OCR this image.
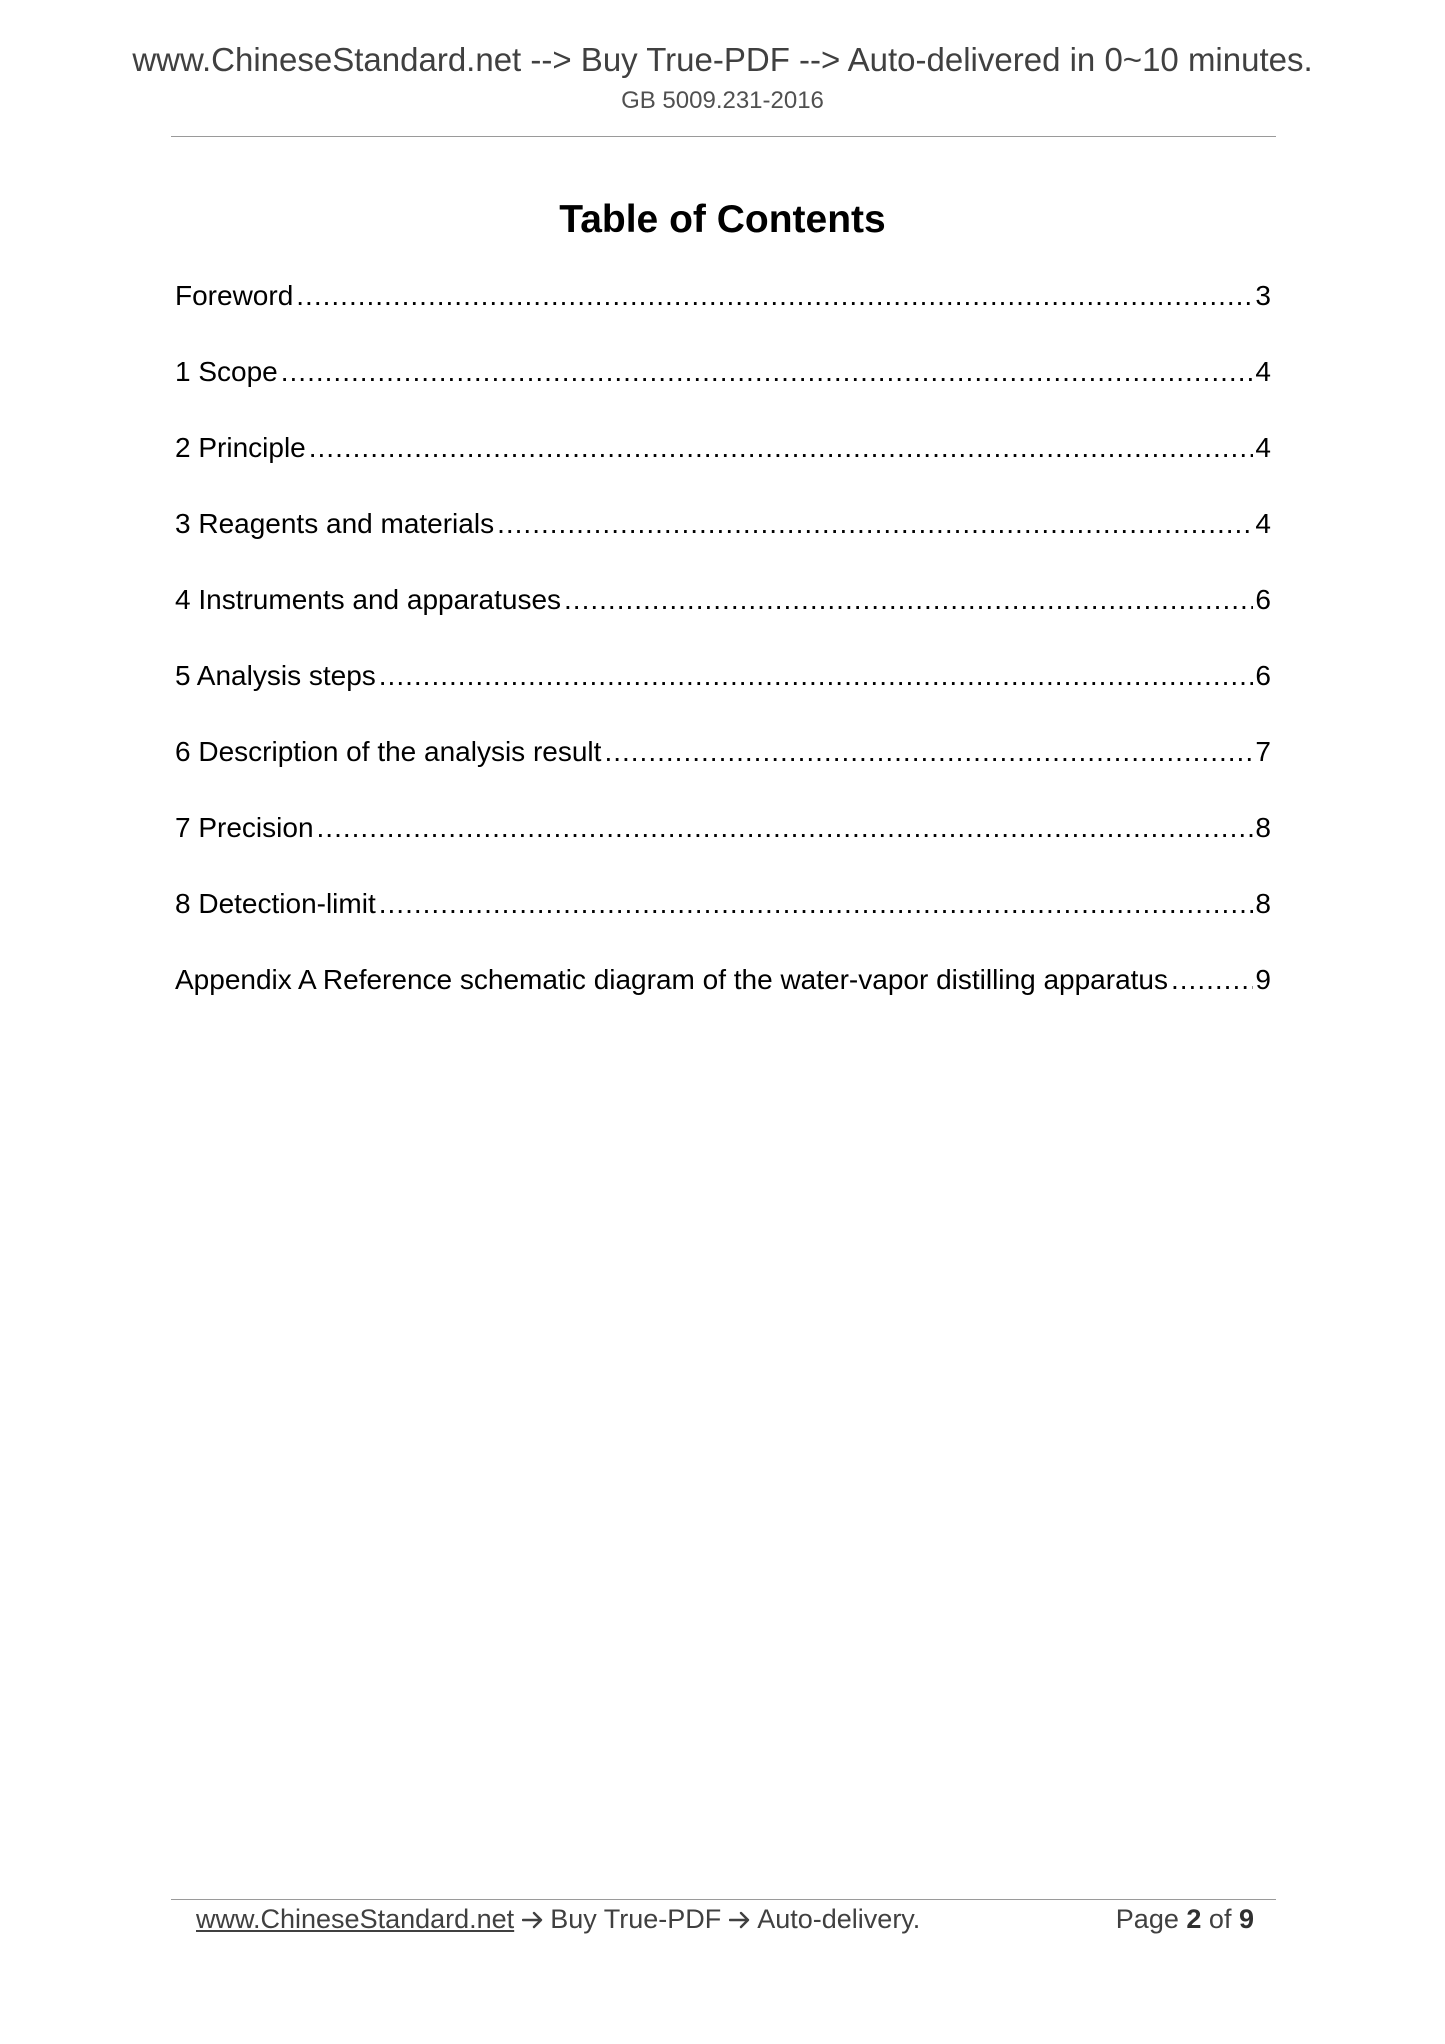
www.ChineseStandard.net --> Buy True-PDF --> Auto-delivered in 0~10 minutes.
GB 5009.231-2016
Table of Contents
Foreword .....	3
1 Scope .....	4
2 Principle .....	4
3 Reagents and materials .....	4
4 Instruments and apparatuses .....	6
5 Analysis steps .....	6
6 Description of the analysis result .....	7
7 Precision .....	8
8 Detection-limit .....	8
Appendix A Reference schematic diagram of the water-vapor distilling apparatus .....	9
www.ChineseStandard.net Buy True-PDF Auto-delivery.	Page 2 of 9
